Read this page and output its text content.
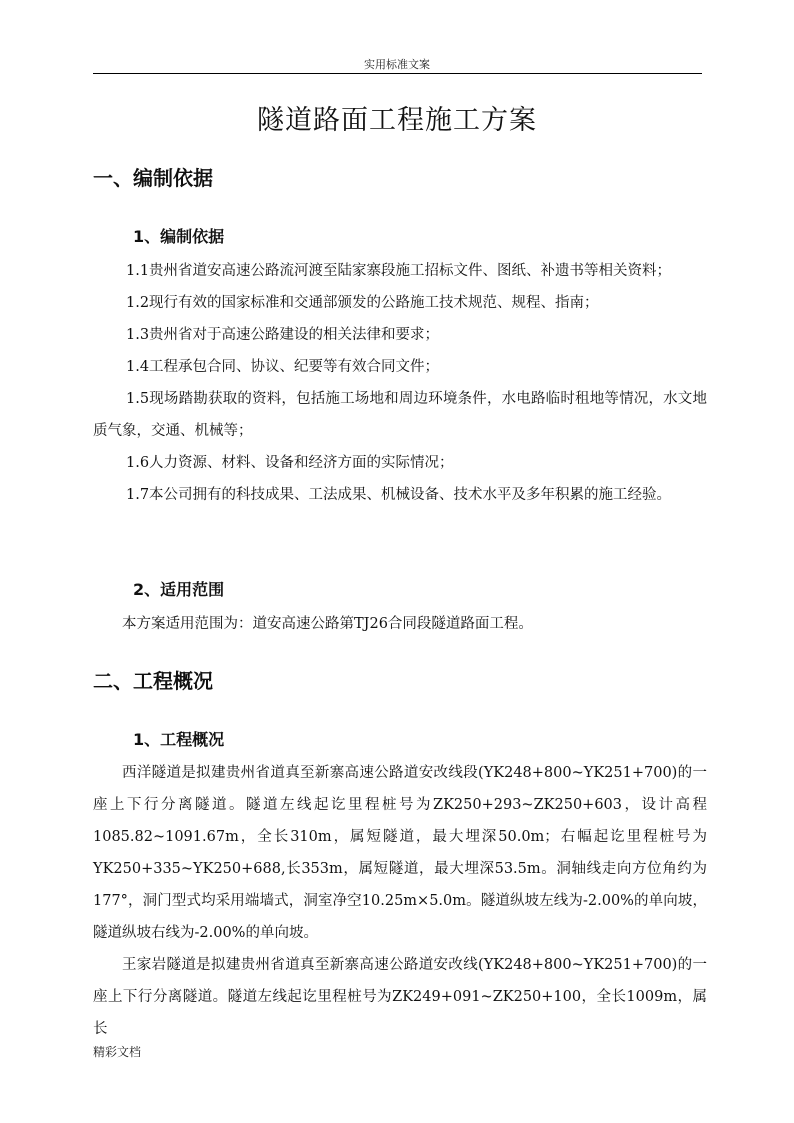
实用标准文案
隧道路面工程施工方案
一、编制依据
1、编制依据

1.1贵州省道安高速公路流河渡至陆家寨段施工招标文件、图纸、补遗书等相关资料；

1.2现行有效的国家标准和交通部颁发的公路施工技术规范、规程、指南；

1.3贵州省对于高速公路建设的相关法律和要求；

1.4工程承包合同、协议、纪要等有效合同文件；

1.5现场踏勘获取的资料，包括施工场地和周边环境条件，水电路临时租地等情况，水文地质气象，交通、机械等；

1.6人力资源、材料、设备和经济方面的实际情况；

1.7本公司拥有的科技成果、工法成果、机械设备、技术水平及多年积累的施工经验。

2、适用范围

本方案适用范围为：道安高速公路第TJ26合同段隧道路面工程。

二、工程概况
1、工程概况

西洋隧道是拟建贵州省道真至新寨高速公路道安改线段(YK248+800~YK251+700)的一座上下行分离隧道。隧道左线起讫里程桩号为ZK250+293~ZK250+603，设计高程1085.82~1091.67m，全长310m，属短隧道，最大埋深50.0m；右幅起讫里程桩号为YK250+335~YK250+688,长353m，属短隧道，最大埋深53.5m。洞轴线走向方位角约为177°，洞门型式均采用端墙式，洞室净空10.25m×5.0m。隧道纵坡左线为-2.00%的单向坡，隧道纵坡右线为-2.00%的单向坡。

王家岩隧道是拟建贵州省道真至新寨高速公路道安改线(YK248+800~YK251+700)的一座上下行分离隧道。隧道左线起讫里程桩号为ZK249+091~ZK250+100，全长1009m，属长

精彩文档
